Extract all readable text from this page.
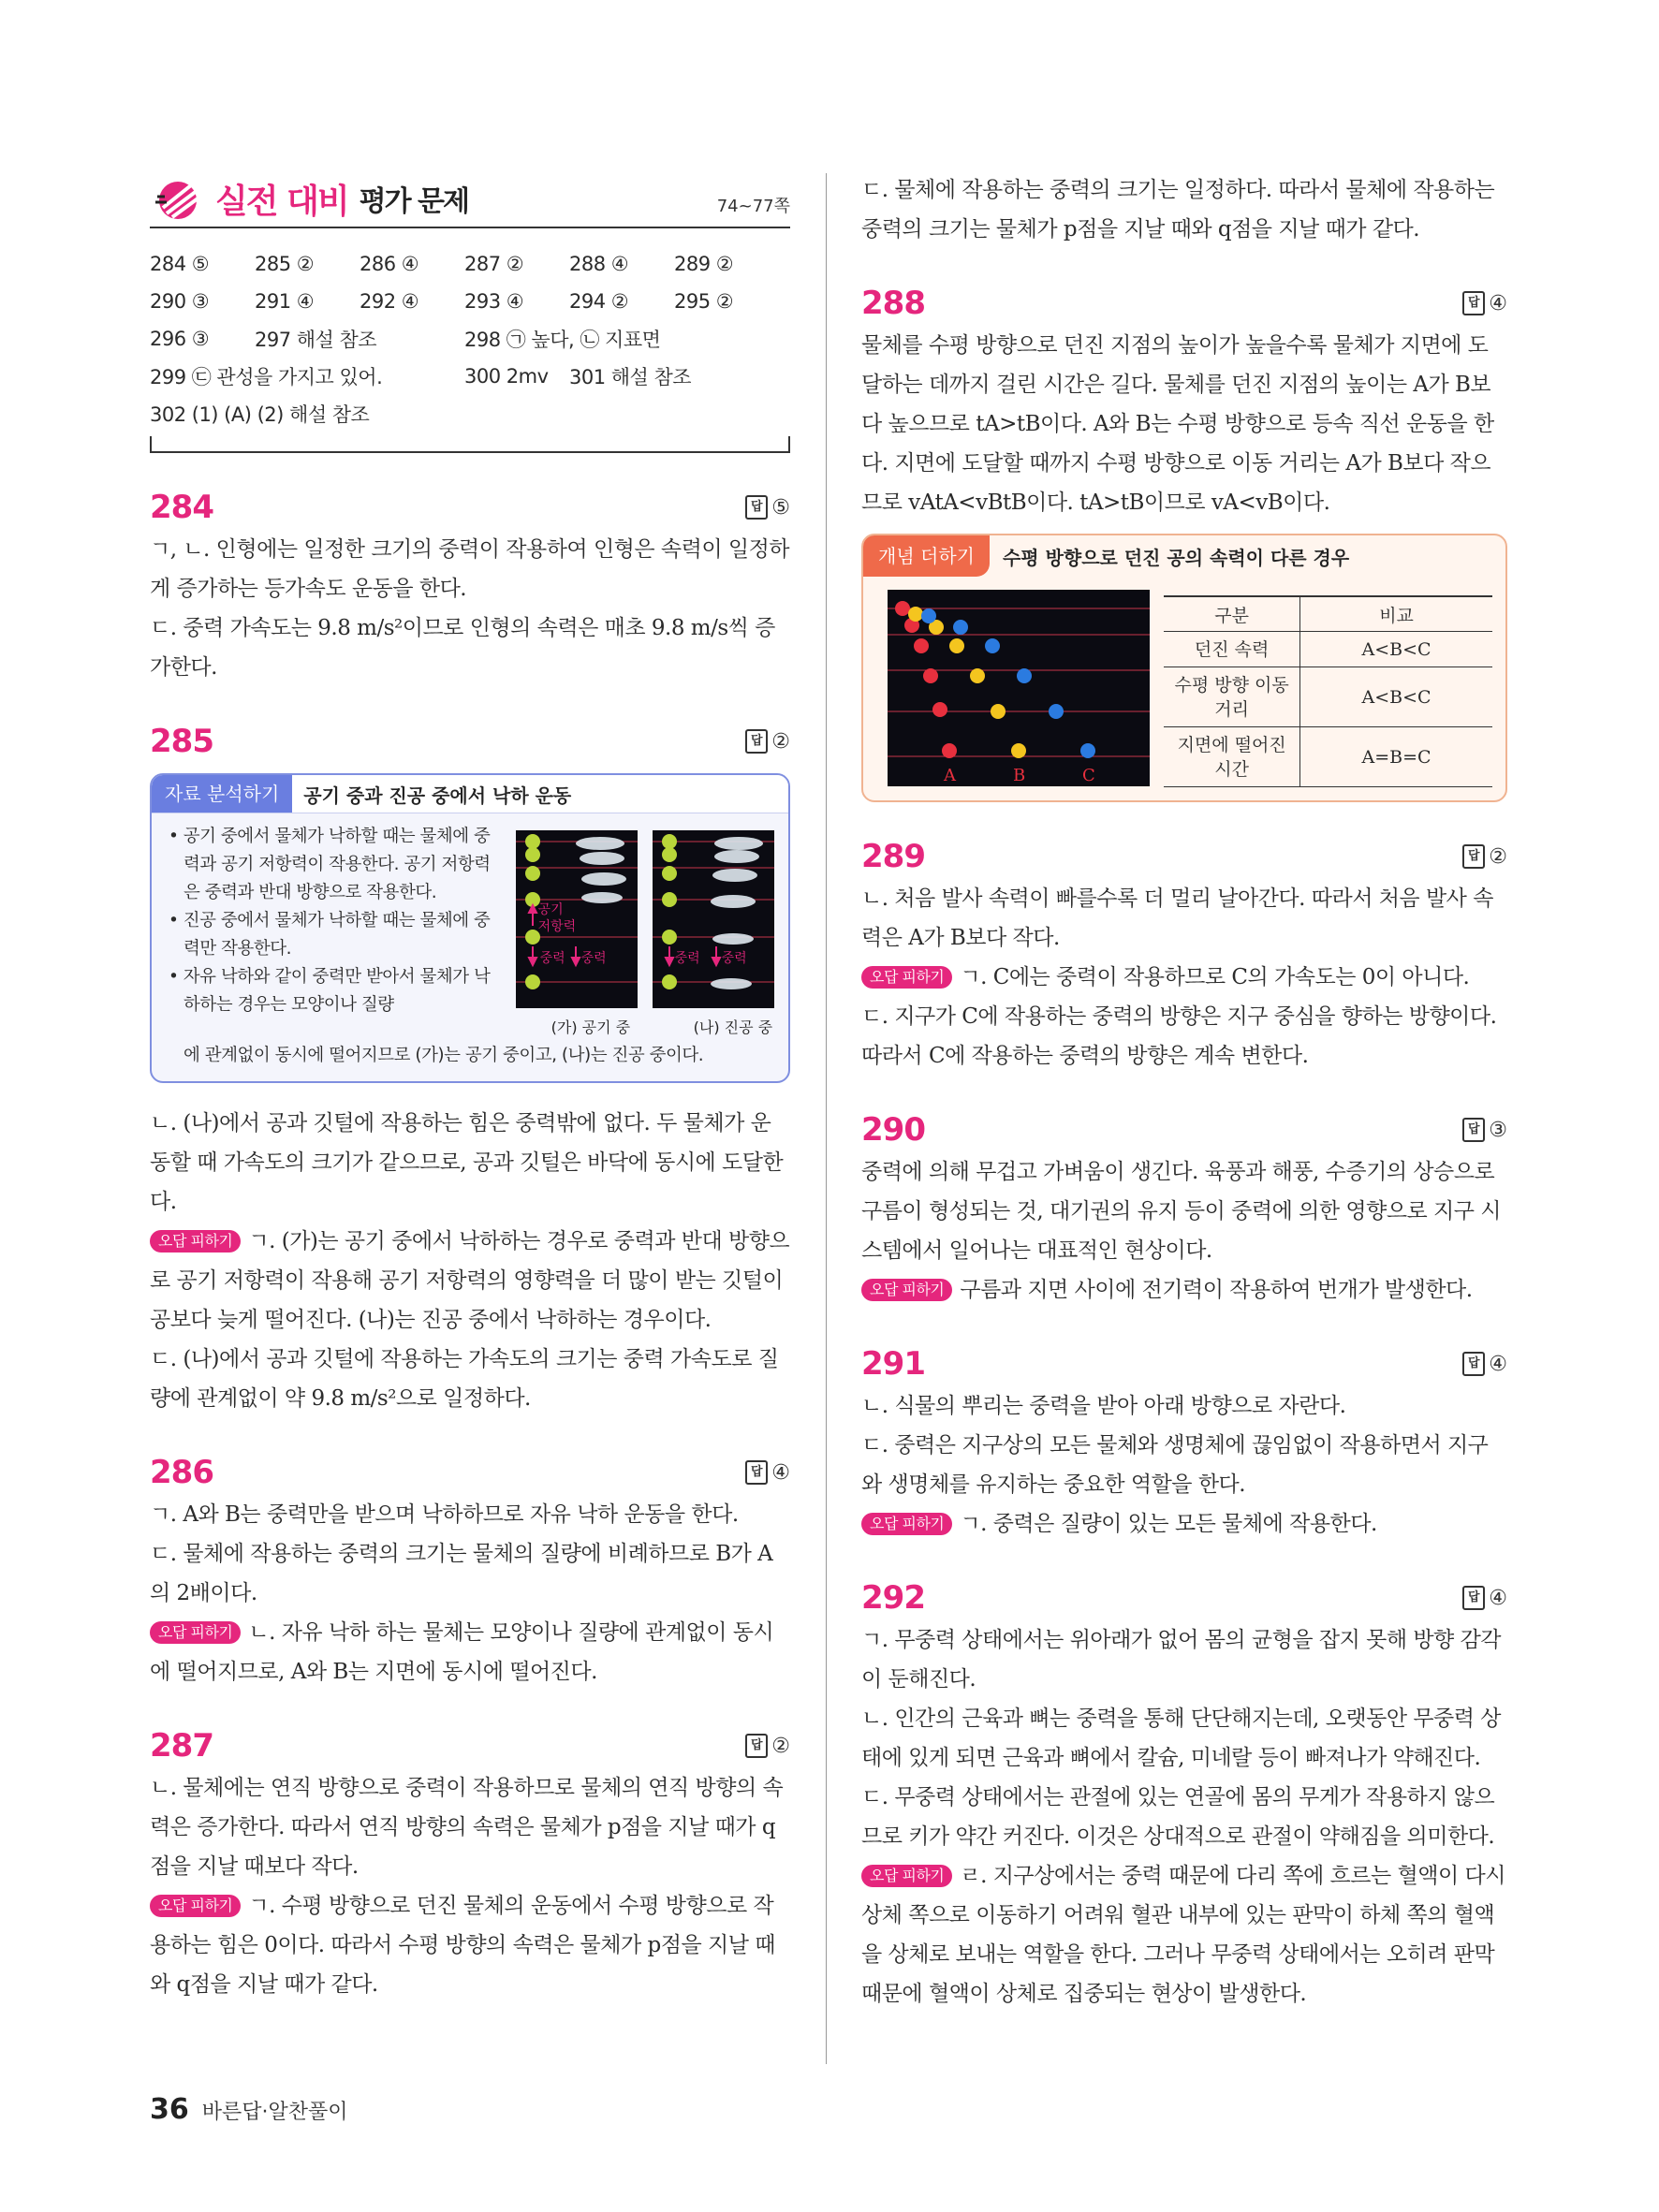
실전 대비 평가 문제	74~77쪽
284 ⑤	285 ②	286 ④	287 ②	288 ④	289 ②
290 ③	291 ④	292 ④	293 ④	294 ②	295 ②
296 ③	297 해설 참조	298 ㉠ 높다, ㉡ 지표면
299 ㉢ 관성을 가지고 있어.	300 2mv	301 해설 참조
302 (1) (A) (2) 해설 참조
284	답 ⑤

ㄱ, ㄴ. 인형에는 일정한 크기의 중력이 작용하여 인형은 속력이 일정하게 증가하는 등가속도 운동을 한다.

ㄷ. 중력 가속도는 9.8 m/s²이므로 인형의 속력은 매초 9.8 m/s씩 증가한다.

285	답 ②
자료 분석하기	공기 중과 진공 중에서 낙하 운동
• 공기 중에서 물체가 낙하할 때는 물체에 중력과 공기 저항력이 작용한다. 공기 저항력은 중력과 반대 방향으로 작용한다.
• 진공 중에서 물체가 낙하할 때는 물체에 중력만 작용한다.
• 자유 낙하와 같이 중력만 받아서 물체가 낙하하는 경우는 모양이나 질량
공기 저항력
중력 중력	중력 중력
(가) 공기 중	(나) 진공 중
에 관계없이 동시에 떨어지므로 (가)는 공기 중이고, (나)는 진공 중이다.

ㄴ. (나)에서 공과 깃털에 작용하는 힘은 중력밖에 없다. 두 물체가 운동할 때 가속도의 크기가 같으므로, 공과 깃털은 바닥에 동시에 도달한다.

오답 피하기 ㄱ. (가)는 공기 중에서 낙하하는 경우로 중력과 반대 방향으로 공기 저항력이 작용해 공기 저항력의 영향력을 더 많이 받는 깃털이 공보다 늦게 떨어진다. (나)는 진공 중에서 낙하하는 경우이다.

ㄷ. (나)에서 공과 깃털에 작용하는 가속도의 크기는 중력 가속도로 질량에 관계없이 약 9.8 m/s²으로 일정하다.

286	답 ④

ㄱ. A와 B는 중력만을 받으며 낙하하므로 자유 낙하 운동을 한다.

ㄷ. 물체에 작용하는 중력의 크기는 물체의 질량에 비례하므로 B가 A의 2배이다.

오답 피하기 ㄴ. 자유 낙하 하는 물체는 모양이나 질량에 관계없이 동시에 떨어지므로, A와 B는 지면에 동시에 떨어진다.

287	답 ②

ㄴ. 물체에는 연직 방향으로 중력이 작용하므로 물체의 연직 방향의 속력은 증가한다. 따라서 연직 방향의 속력은 물체가 p점을 지날 때가 q점을 지날 때보다 작다.

오답 피하기 ㄱ. 수평 방향으로 던진 물체의 운동에서 수평 방향으로 작용하는 힘은 0이다. 따라서 수평 방향의 속력은 물체가 p점을 지날 때와 q점을 지날 때가 같다.

ㄷ. 물체에 작용하는 중력의 크기는 일정하다. 따라서 물체에 작용하는 중력의 크기는 물체가 p점을 지날 때와 q점을 지날 때가 같다.

288	답 ④

물체를 수평 방향으로 던진 지점의 높이가 높을수록 물체가 지면에 도달하는 데까지 걸린 시간은 길다. 물체를 던진 지점의 높이는 A가 B보다 높으므로 tA>tB이다. A와 B는 수평 방향으로 등속 직선 운동을 한다. 지면에 도달할 때까지 수평 방향으로 이동 거리는 A가 B보다 작으므로 vAtA<vBtB이다. tA>tB이므로 vA<vB이다.

개념 더하기	수평 방향으로 던진 공의 속력이 다른 경우
A	B	C
구분	비교
던진 속력	A<B<C
수평 방향 이동 거리	A<B<C
지면에 떨어진 시간	A=B=C
289	답 ②

ㄴ. 처음 발사 속력이 빠를수록 더 멀리 날아간다. 따라서 처음 발사 속력은 A가 B보다 작다.

오답 피하기 ㄱ. C에는 중력이 작용하므로 C의 가속도는 0이 아니다.

ㄷ. 지구가 C에 작용하는 중력의 방향은 지구 중심을 향하는 방향이다. 따라서 C에 작용하는 중력의 방향은 계속 변한다.

290	답 ③

중력에 의해 무겁고 가벼움이 생긴다. 육풍과 해풍, 수증기의 상승으로 구름이 형성되는 것, 대기권의 유지 등이 중력에 의한 영향으로 지구 시스템에서 일어나는 대표적인 현상이다.

오답 피하기 구름과 지면 사이에 전기력이 작용하여 번개가 발생한다.

291	답 ④

ㄴ. 식물의 뿌리는 중력을 받아 아래 방향으로 자란다.

ㄷ. 중력은 지구상의 모든 물체와 생명체에 끊임없이 작용하면서 지구와 생명체를 유지하는 중요한 역할을 한다.

오답 피하기 ㄱ. 중력은 질량이 있는 모든 물체에 작용한다.

292	답 ④

ㄱ. 무중력 상태에서는 위아래가 없어 몸의 균형을 잡지 못해 방향 감각이 둔해진다.

ㄴ. 인간의 근육과 뼈는 중력을 통해 단단해지는데, 오랫동안 무중력 상태에 있게 되면 근육과 뼈에서 칼슘, 미네랄 등이 빠져나가 약해진다.

ㄷ. 무중력 상태에서는 관절에 있는 연골에 몸의 무게가 작용하지 않으므로 키가 약간 커진다. 이것은 상대적으로 관절이 약해짐을 의미한다.

오답 피하기 ㄹ. 지구상에서는 중력 때문에 다리 쪽에 흐르는 혈액이 다시 상체 쪽으로 이동하기 어려워 혈관 내부에 있는 판막이 하체 쪽의 혈액을 상체로 보내는 역할을 한다. 그러나 무중력 상태에서는 오히려 판막 때문에 혈액이 상체로 집중되는 현상이 발생한다.

36 바른답·알찬풀이
